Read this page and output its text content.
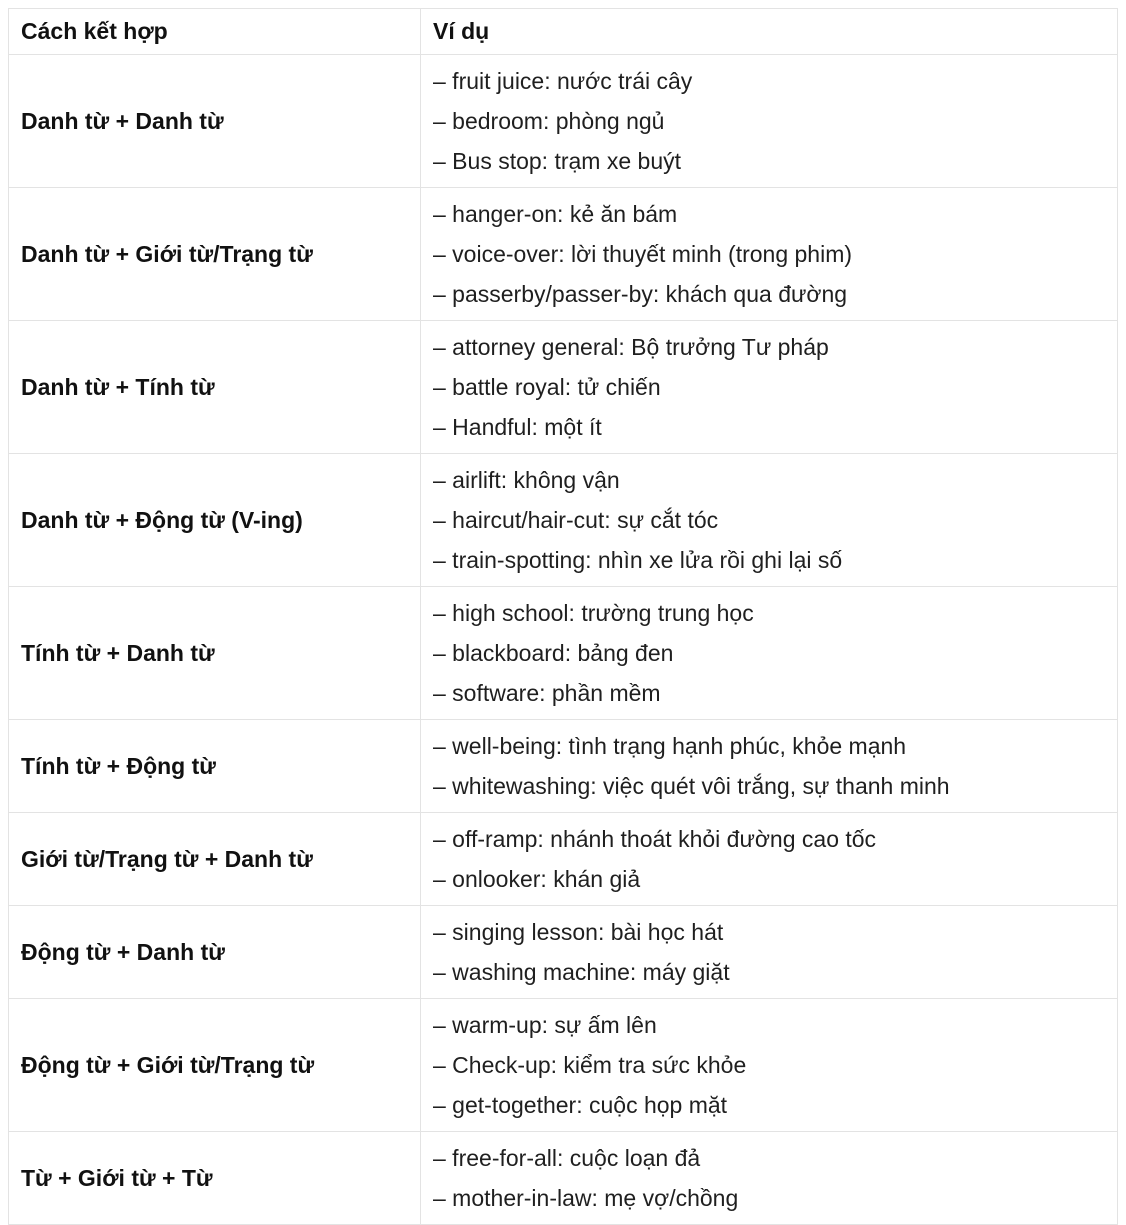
Cách kết hợp	Ví dụ
Danh từ + Danh từ	– fruit juice: nước trái cây
– bedroom: phòng ngủ
– Bus stop: trạm xe buýt

Danh từ + Giới từ/Trạng từ	– hanger-on: kẻ ăn bám
– voice-over: lời thuyết minh (trong phim)
– passerby/passer-by: khách qua đường

Danh từ + Tính từ	– attorney general: Bộ trưởng Tư pháp
– battle royal: tử chiến
– Handful: một ít

Danh từ + Động từ (V-ing)	– airlift: không vận
– haircut/hair-cut: sự cắt tóc
– train-spotting: nhìn xe lửa rồi ghi lại số

Tính từ + Danh từ	– high school: trường trung học
– blackboard: bảng đen
– software: phần mềm

Tính từ + Động từ	– well-being: tình trạng hạnh phúc, khỏe mạnh
– whitewashing: việc quét vôi trắng, sự thanh minh

Giới từ/Trạng từ + Danh từ	– off-ramp: nhánh thoát khỏi đường cao tốc
– onlooker: khán giả

Động từ + Danh từ	– singing lesson: bài học hát
– washing machine: máy giặt

Động từ + Giới từ/Trạng từ	– warm-up: sự ấm lên
– Check-up: kiểm tra sức khỏe
– get-together: cuộc họp mặt

Từ + Giới từ + Từ	– free-for-all: cuộc loạn đả
– mother-in-law: mẹ vợ/chồng
